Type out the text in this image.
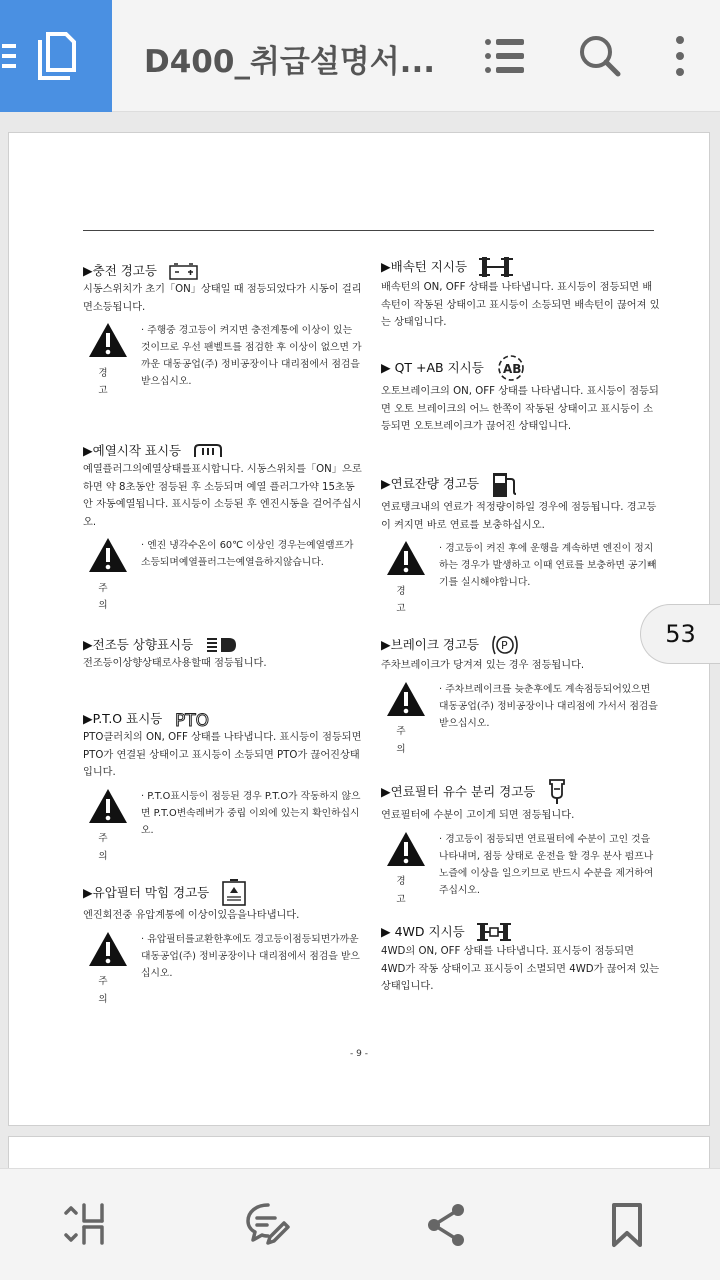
D400_취급설명서...
▶충전 경고등

시동스위치가 초기「ON」상태일 때 점등되었다가 시동이 걸리면소등됩니다.

경 고
· 주행중 경고등이 켜지면 충전계통에 이상이 있는 것이므로 우선 팬벨트를 점검한 후 이상이 없으면 가까운 대동공업(주) 정비공장이나 대리점에서 점검을받으십시오.
▶예열시작 표시등

예열플러그의예열상태를표시합니다. 시동스위치를「ON」으로 하면 약 8초동안 점등된 후 소등되며 예열 플러그가약 15초동안 자동예열됩니다. 표시등이 소등된 후 엔진시동을 걸어주십시오.

주 의
· 엔진 냉각수온이 60℃ 이상인 경우는예열램프가 소등되며예열플러그는예열을하지않습니다.
▶전조등 상향표시등

전조등이상향상태로사용할때 점등됩니다.

▶P.T.O 표시등 PTO

PTO클러치의 ON, OFF 상태를 나타냅니다. 표시등이 점등되면 PTO가 연결된 상태이고 표시등이 소등되면 PTO가 끊어진상태입니다.

주 의
· P.T.O표시등이 점등된 경우 P.T.O가 작동하지 않으면 P.T.O변속레버가 중립 이외에 있는지 확인하십시오.
▶유압필터 막힘 경고등

엔진회전중 유압계통에 이상이있음을나타냅니다.

주 의
· 유압필터를교환한후에도 경고등이점등되면가까운 대동공업(주) 정비공장이나 대리점에서 점검을 받으십시오.
▶배속턴 지시등

배속턴의 ON, OFF 상태를 나타냅니다. 표시등이 점등되면 배속턴이 작동된 상태이고 표시등이 소등되면 배속턴이 끊어져 있는 상태입니다.

▶ QT +AB 지시등 AB

오토브레이크의 ON, OFF 상태를 나타냅니다. 표시등이 점등되면 오토 브레이크의 어느 한쪽이 작동된 상태이고 표시등이 소등되면 오토브레이크가 끊어진 상태입니다.

▶연료잔량 경고등

연료탱크내의 연료가 적정량이하일 경우에 점등됩니다. 경고등이 켜지면 바로 연료를 보충하십시오.

경 고
· 경고등이 켜진 후에 운행을 계속하면 엔진이 정지하는 경우가 발생하고 이때 연료를 보충하면 공기빼기를 실시해야합니다.
▶브레이크 경고등 P

주차브레이크가 당겨져 있는 경우 점등됩니다.

주 의
· 주차브레이크를 늦춘후에도 계속점등되어있으면 대동공업(주) 정비공장이나 대리점에 가서서 점검을받으십시오.
▶연료필터 유수 분리 경고등

연료필터에 수분이 고이게 되면 점등됩니다.

경 고
· 경고등이 점등되면 연료필터에 수분이 고인 것을 나타내며, 점등 상태로 운전을 할 경우 분사 펌프나 노즐에 이상을 일으키므로 반드시 수분을 제거하여주십시오.
▶ 4WD 지시등

4WD의 ON, OFF 상태를 나타냅니다. 표시등이 점등되면 4WD가 작동 상태이고 표시등이 소멸되면 4WD가 끊어져 있는 상태입니다.

- 9 -
53
